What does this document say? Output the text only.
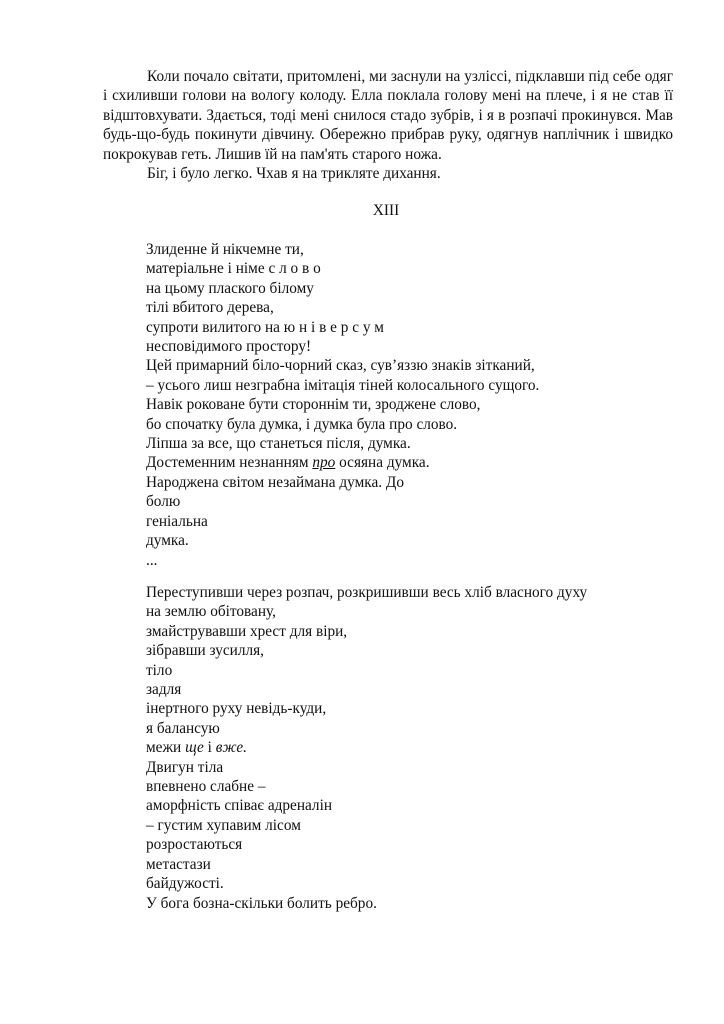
Коли почало світати, притомлені, ми заснули на узліссі, підклавши під себе одяг і схиливши голови на вологу колоду. Елла поклала голову мені на плече, і я не став її відштовхувати. Здається, тоді мені снилося стадо зубрів, і я в розпачі прокинувся. Мав будь-що-будь покинути дівчину. Обережно прибрав руку, одягнув наплічник і швидко покрокував геть. Лишив їй на пам'ять старого ножа.

Біг, і було легко. Чхав я на трикляте дихання.

XIII
Злиденне й нікчемне ти,
матеріальне і німе с л о в о
на цьому плаского білому
тілі вбитого дерева,
супроти вилитого на ю н і в е р с у м
несповідимого простору!
Цей примарний біло-чорний сказ, сув’яззю знаків зітканий,
– усього лиш незграбна імітація тіней колосального сущого.
Навік роковане бути стороннім ти, зроджене слово,
бо спочатку була думка, і думка була про слово.
Ліпша за все, що станеться після, думка.
Достеменним незнанням про осяяна думка.
Народжена світом незаймана думка. До
болю
геніальна
думка.
...
Переступивши через розпач, розкришивши весь хліб власного духу
на землю обітовану,
змайструвавши хрест для віри,
зібравши зусилля,
тіло
задля
інертного руху невідь-куди,
я балансую
межи ще і вже.
Двигун тіла
впевнено слабне –
аморфність співає адреналін
– густим хупавим лісом
розростаються
метастази
байдужості.
У бога бозна-скільки болить ребро.
